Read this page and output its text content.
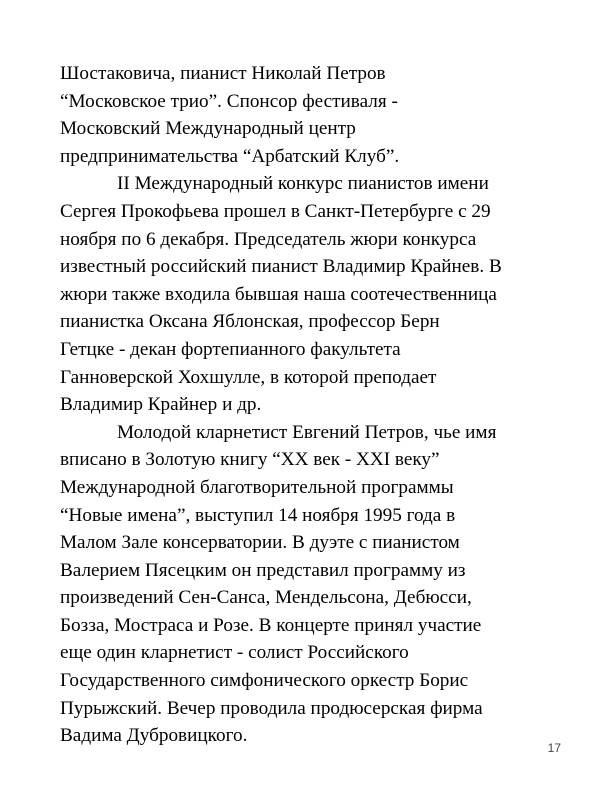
Шостаковича, пианист Николай Петров
“Московское трио”. Спонсор фестиваля -
Московский Международный центр
предпринимательства “Арбатский Клуб”.
II Международный конкурс пианистов имени
Сергея Прокофьева прошел в Санкт-Петербурге с 29
ноября по 6 декабря. Председатель жюри конкурса
известный российский пианист Владимир Крайнев. В
жюри также входила бывшая наша соотечественница
пианистка Оксана Яблонская, профессор Берн
Гетцке - декан фортепианного факультета
Ганноверской Хохшулле, в которой преподает
Владимир Крайнер и др.
Молодой кларнетист Евгений Петров, чье имя
вписано в Золотую книгу “XX век - XXI веку”
Международной благотворительной программы
“Новые имена”, выступил 14 ноября 1995 года в
Малом Зале консерватории. В дуэте с пианистом
Валерием Пясецким он представил программу из
произведений Сен-Санса, Мендельсона, Дебюсси,
Бозза, Мостраса и Розе. В концерте принял участие
еще один кларнетист - солист Российского
Государственного симфонического оркестр Борис
Пурыжский. Вечер проводила продюсерская фирма
Вадима Дубровицкого.
17
